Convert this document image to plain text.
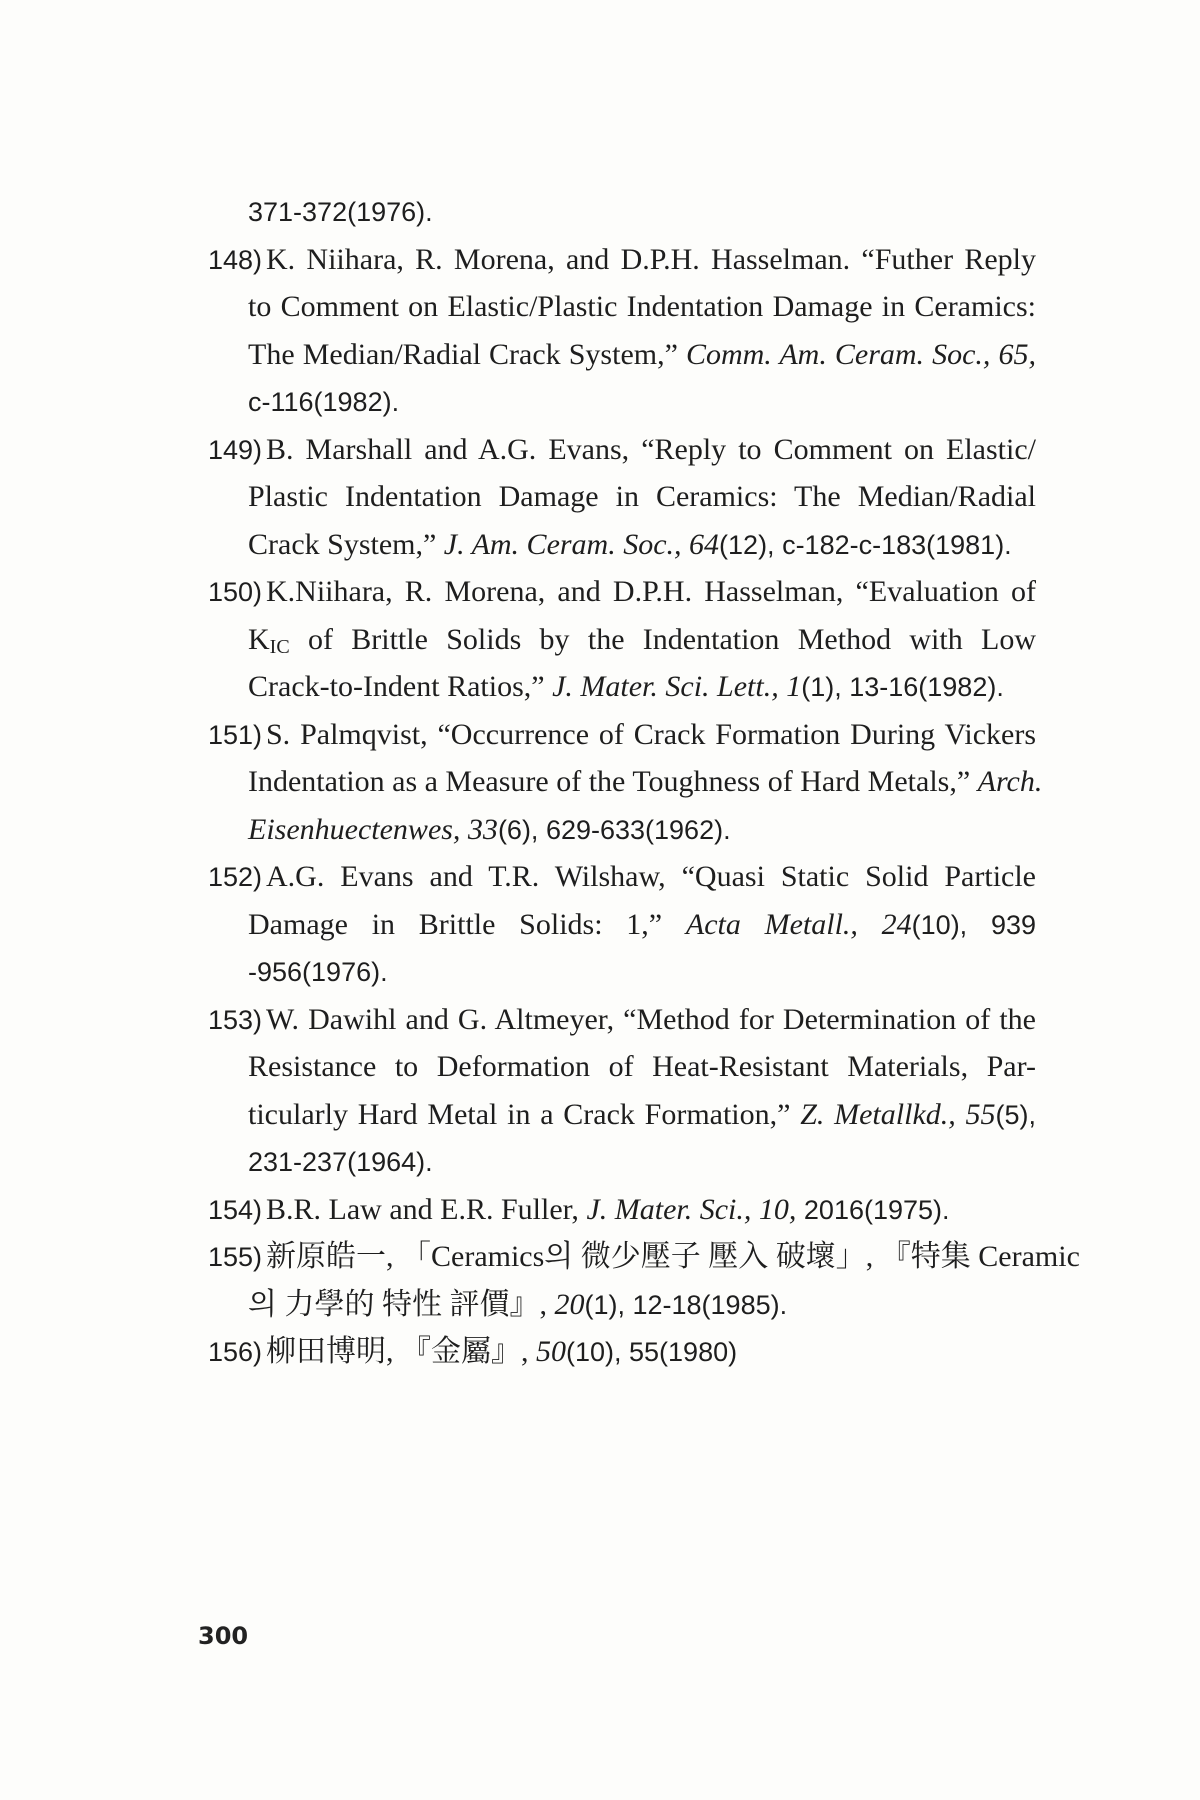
371-372(1976).
148) K. Niihara, R. Morena, and D.P.H. Hasselman. “Futher Reply
to Comment on Elastic/Plastic Indentation Damage in Ceramics:
The Median/Radial Crack System,” Comm. Am. Ceram. Soc., 65,
c-116(1982).
149) B. Marshall and A.G. Evans, “Reply to Comment on Elastic/
Plastic Indentation Damage in Ceramics: The Median/Radial
Crack System,” J. Am. Ceram. Soc., 64(12), c-182-c-183(1981).
150) K.Niihara, R. Morena, and D.P.H. Hasselman, “Evaluation of
$K_{IC}$ of Brittle Solids by the Indentation Method with Low
Crack-to-Indent Ratios,” J. Mater. Sci. Lett., 1(1), 13-16(1982).
151) S. Palmqvist, “Occurrence of Crack Formation During Vickers
Indentation as a Measure of the Toughness of Hard Metals,” Arch.
Eisenhuectenwes, 33(6), 629-633(1962).
152) A.G. Evans and T.R. Wilshaw, “Quasi Static Solid Particle
Damage in Brittle Solids: 1,” Acta Metall., 24(10), 939
-956(1976).
153) W. Dawihl and G. Altmeyer, “Method for Determination of the
Resistance to Deformation of Heat-Resistant Materials, Par-
ticularly Hard Metal in a Crack Formation,” Z. Metallkd., 55(5),
231-237(1964).
154) B.R. Law and E.R. Fuller, J. Mater. Sci., 10, 2016(1975).
155) 新原皓一, 「Ceramics의 微少壓子 壓入 破壞」, 『特集 Ceramic
의 力學的 特性 評價』, 20(1), 12-18(1985).
156) 柳田博明, 『金屬』, 50(10), 55(1980)
300
